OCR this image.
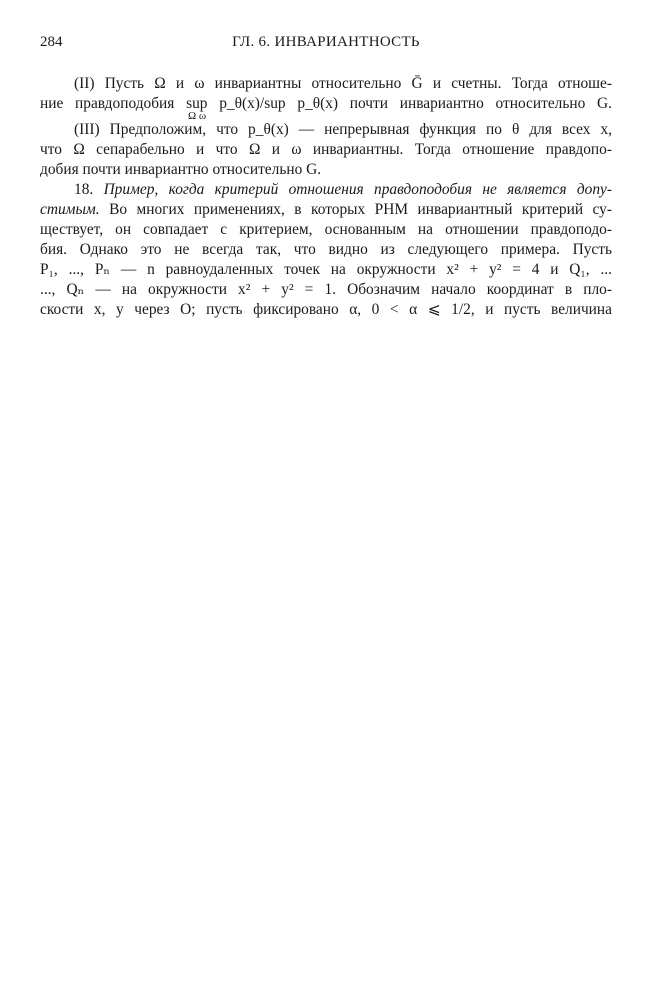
284	ГЛ. 6. ИНВАРИАНТНОСТЬ
(II) Пусть Ω и ω инвариантны относительно Ḡ и счетны. Тогда отноше-
ние правдоподобия sup p_θ(x)/sup p_θ(x) почти инвариантно относительно G.
Ω ω
(III) Предположим, что p_θ(x) — непрерывная функция по θ для всех x,
что Ω сепарабельно и что Ω и ω инвариантны. Тогда отношение правдопо-
добия почти инвариантно относительно G.
18. Пример, когда критерий отношения правдоподобия не является допу-
стимым. Во многих применениях, в которых РНМ инвариантный критерий су-
ществует, он совпадает с критерием, основанным на отношении правдоподо-
бия. Однако это не всегда так, что видно из следующего примера. Пусть
P₁, ..., Pₙ — n равноудаленных точек на окружности x² + y² = 4 и Q₁, ...
..., Qₙ — на окружности x² + y² = 1. Обозначим начало координат в пло-
скости x, y через O; пусть фиксировано α, 0 < α ⩽ 1/2, и пусть величина
